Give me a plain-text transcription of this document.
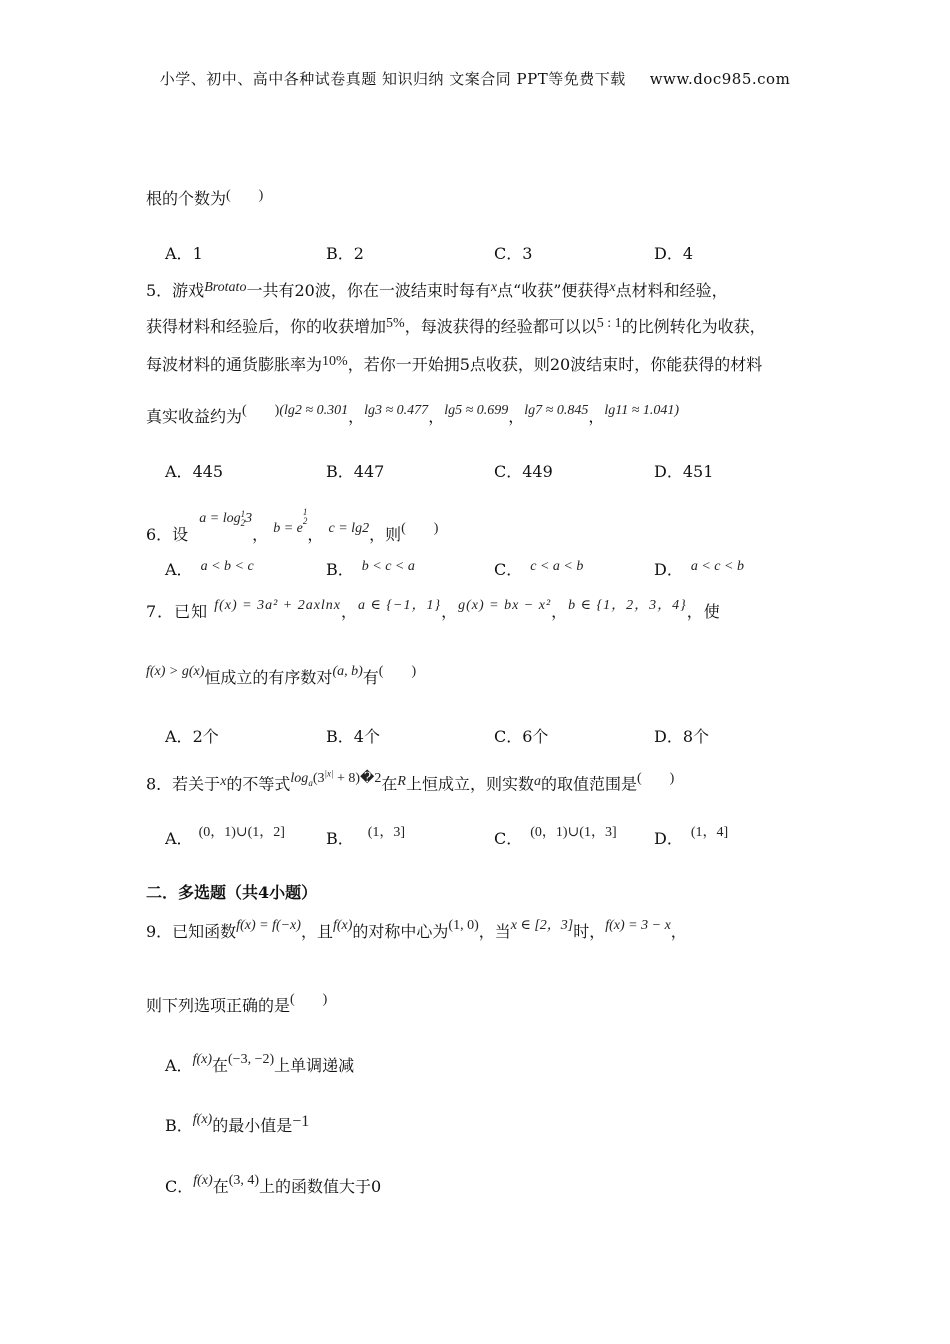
小学、初中、高中各种试卷真题 知识归纳 文案合同 PPT等免费下载 www.doc985.com
根的个数为(　　)
A．1	B．2	C．3	D．4
5．游戏Brotato一共有20波，你在一波结束时每有x点“收获”便获得x点材料和经验，
获得材料和经验后，你的收获增加5%，每波获得的经验都可以以5 : 1的比例转化为收获，
每波材料的通货膨胀率为10%，若你一开始拥5点收获，则20波结束时，你能获得的材料
真实收益约为(　　)(lg2 ≈ 0.301，lg3 ≈ 0.477，lg5 ≈ 0.699，lg7 ≈ 0.845，lg11 ≈ 1.041)
A．445	B．447	C．449	D．451
6．设 a = log1
23， b = e1
2， c = lg2，则(　　)
A． a < b < c	B． b < c < a	C． c < a < b	D． a < c < b
7．已知 f(x) = 3a² + 2axlnx，a ∈ {−1，1}，g(x) = bx − x²，b ∈ {1，2，3，4}，使
f(x) > g(x)恒成立的有序数对(a, b)有(　　)
A．2个	B．4个	C．6个	D．8个
8．若关于x的不等式$\log_a(3^{|x|}$ + 8)�2在R上恒成立，则实数a的取值范围是(　　)
A． (0，1)∪(1，2]	B． (1，3]	C． (0，1)∪(1，3] D． (1，4]
二．多选题（共4小题）
9．已知函数f(x) = f(−x)，且f(x)的对称中心为(1, 0)，当x ∈ [2，3]时，f(x) = 3 − x，
则下列选项正确的是(　　)
A．f(x)在(−3, −2)上单调递减
B．f(x)的最小值是−1
C．f(x)在(3, 4)上的函数值大于0
